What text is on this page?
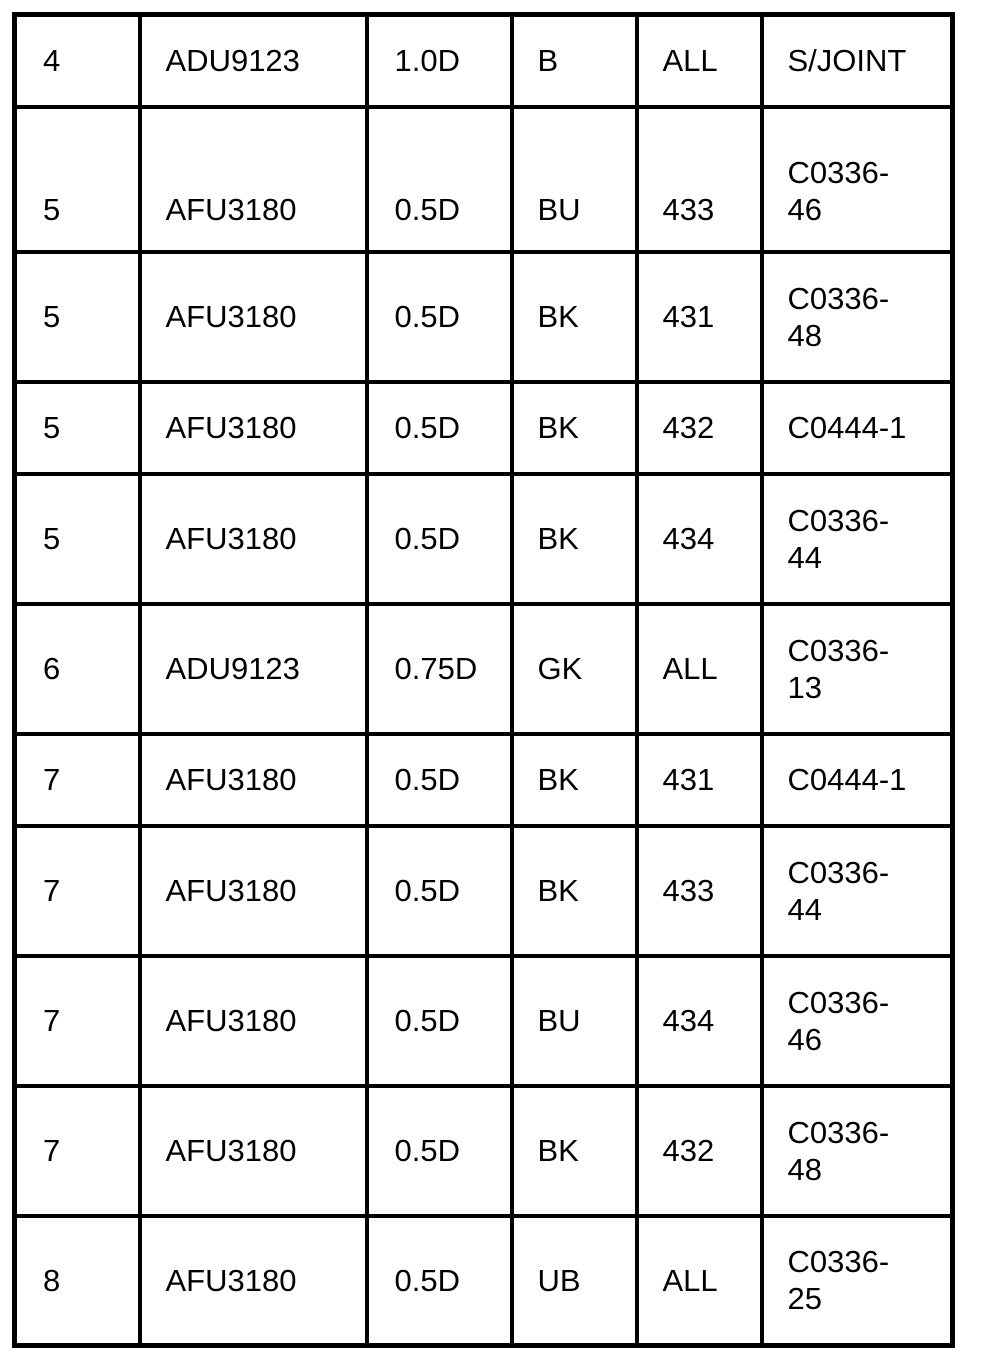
4	ADU9123	1.0D	B	ALL	S/JOINT

5	AFU3180	0.5D	BU	433	C0336-
46

5	AFU3180	0.5D	BK	431	C0336-
48

5	AFU3180	0.5D	BK	432	C0444-1

5	AFU3180	0.5D	BK	434	C0336-
44

6	ADU9123	0.75D	GK	ALL	C0336-
13

7	AFU3180	0.5D	BK	431	C0444-1

7	AFU3180	0.5D	BK	433	C0336-
44

7	AFU3180	0.5D	BU	434	C0336-
46

7	AFU3180	0.5D	BK	432	C0336-
48

8	AFU3180	0.5D	UB	ALL	C0336-
25
